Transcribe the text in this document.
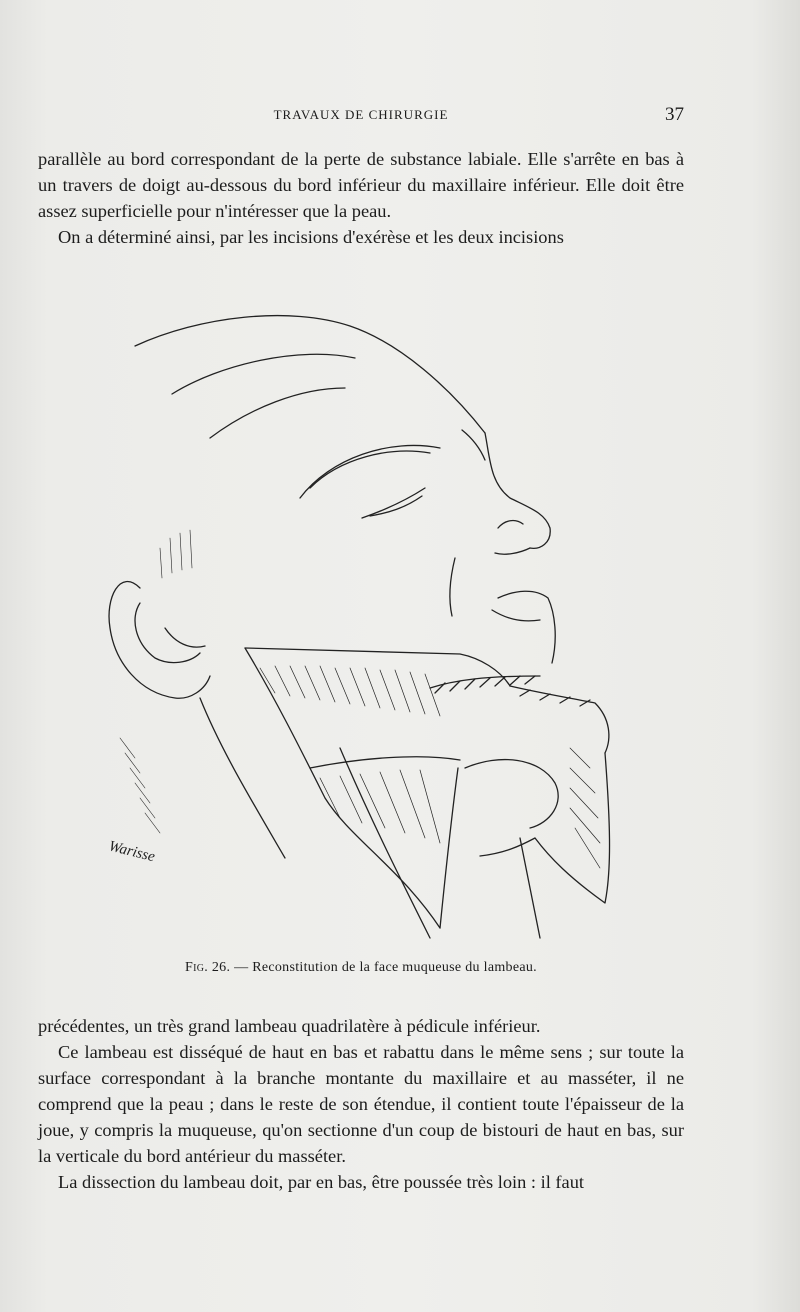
TRAVAUX DE CHIRURGIE	37

parallèle au bord correspondant de la perte de substance labiale. Elle s'arrête en bas à un travers de doigt au-dessous du bord inférieur du maxillaire inférieur. Elle doit être assez superficielle pour n'intéresser que la peau.

On a déterminé ainsi, par les incisions d'exérèse et les deux incisions

Warisse
Fig. 26. — Reconstitution de la face muqueuse du lambeau.

précédentes, un très grand lambeau quadrilatère à pédicule inférieur.

Ce lambeau est disséqué de haut en bas et rabattu dans le même sens ; sur toute la surface correspondant à la branche montante du maxillaire et au masséter, il ne comprend que la peau ; dans le reste de son étendue, il contient toute l'épaisseur de la joue, y compris la muqueuse, qu'on sectionne d'un coup de bistouri de haut en bas, sur la verticale du bord antérieur du masséter.

La dissection du lambeau doit, par en bas, être poussée très loin : il faut
